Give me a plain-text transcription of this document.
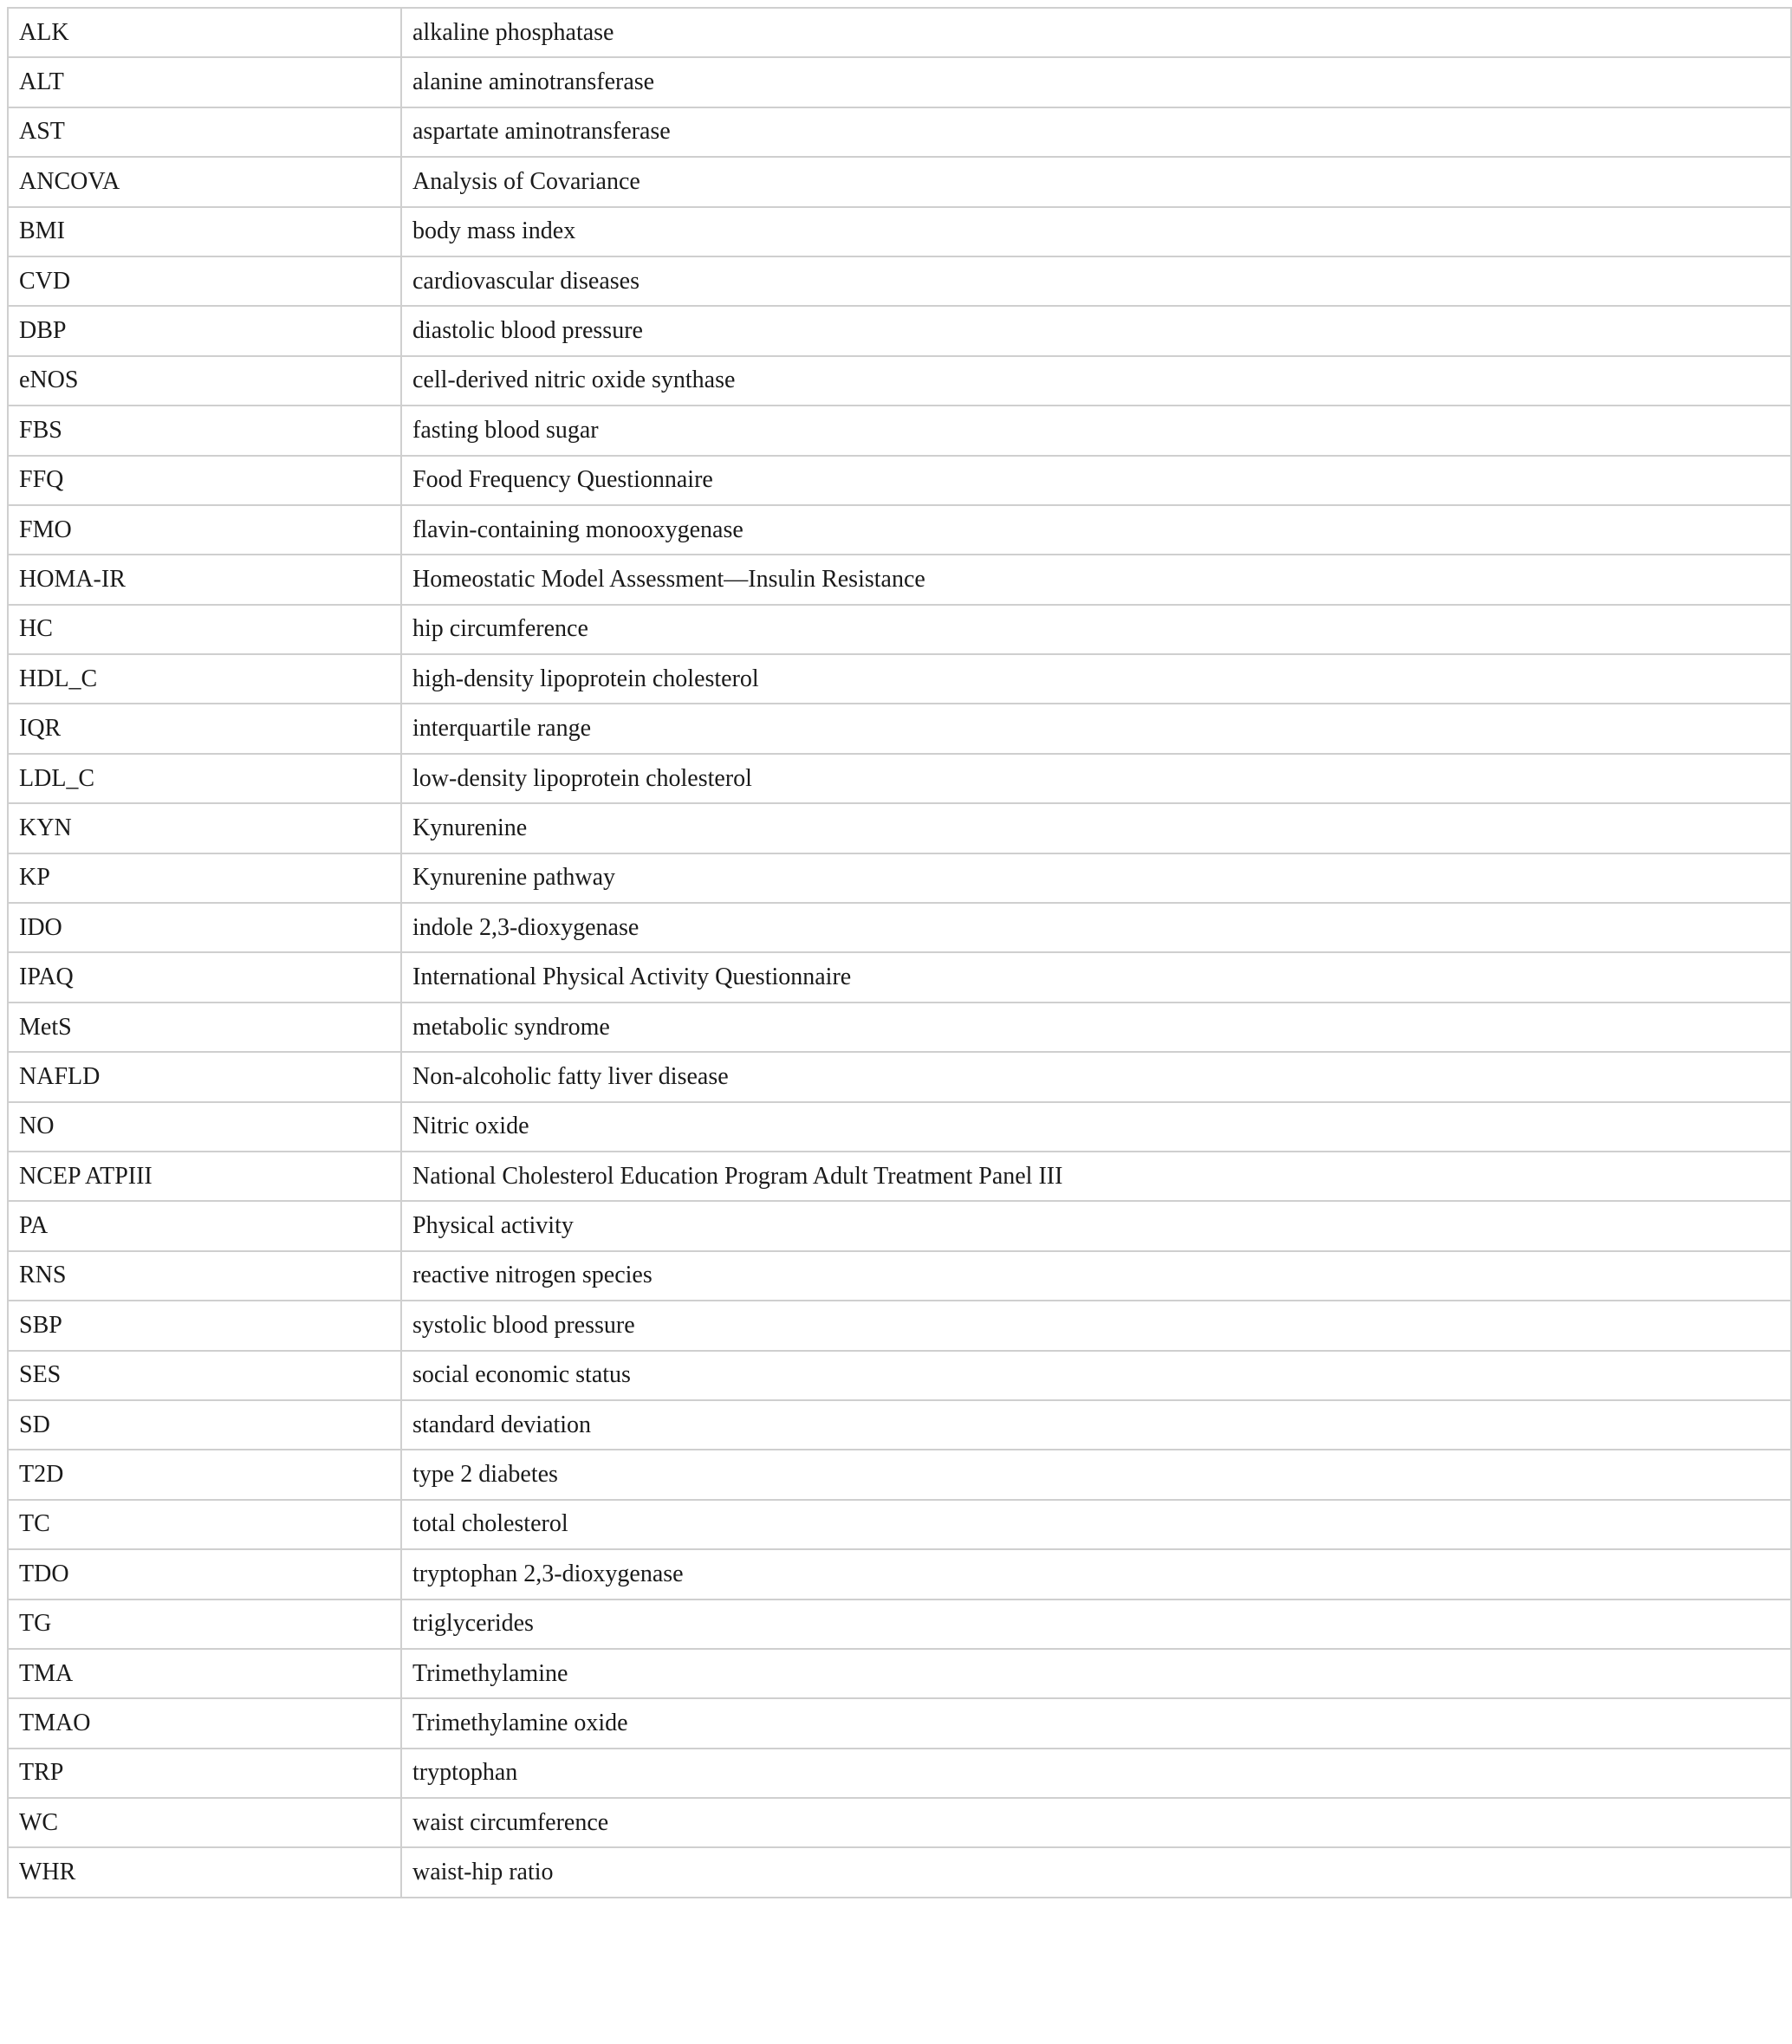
ALK	alkaline phosphatase
ALT	alanine aminotransferase
AST	aspartate aminotransferase
ANCOVA	Analysis of Covariance
BMI	body mass index
CVD	cardiovascular diseases
DBP	diastolic blood pressure
eNOS	cell-derived nitric oxide synthase
FBS	fasting blood sugar
FFQ	Food Frequency Questionnaire
FMO	flavin-containing monooxygenase
HOMA-IR	Homeostatic Model Assessment—Insulin Resistance
HC	hip circumference
HDL_C	high-density lipoprotein cholesterol
IQR	interquartile range
LDL_C	low-density lipoprotein cholesterol
KYN	Kynurenine
KP	Kynurenine pathway
IDO	indole 2,3-dioxygenase
IPAQ	International Physical Activity Questionnaire
MetS	metabolic syndrome
NAFLD	Non-alcoholic fatty liver disease
NO	Nitric oxide
NCEP ATPIII	National Cholesterol Education Program Adult Treatment Panel III
PA	Physical activity
RNS	reactive nitrogen species
SBP	systolic blood pressure
SES	social economic status
SD	standard deviation
T2D	type 2 diabetes
TC	total cholesterol
TDO	tryptophan 2,3-dioxygenase
TG	triglycerides
TMA	Trimethylamine
TMAO	Trimethylamine oxide
TRP	tryptophan
WC	waist circumference
WHR	waist-hip ratio
